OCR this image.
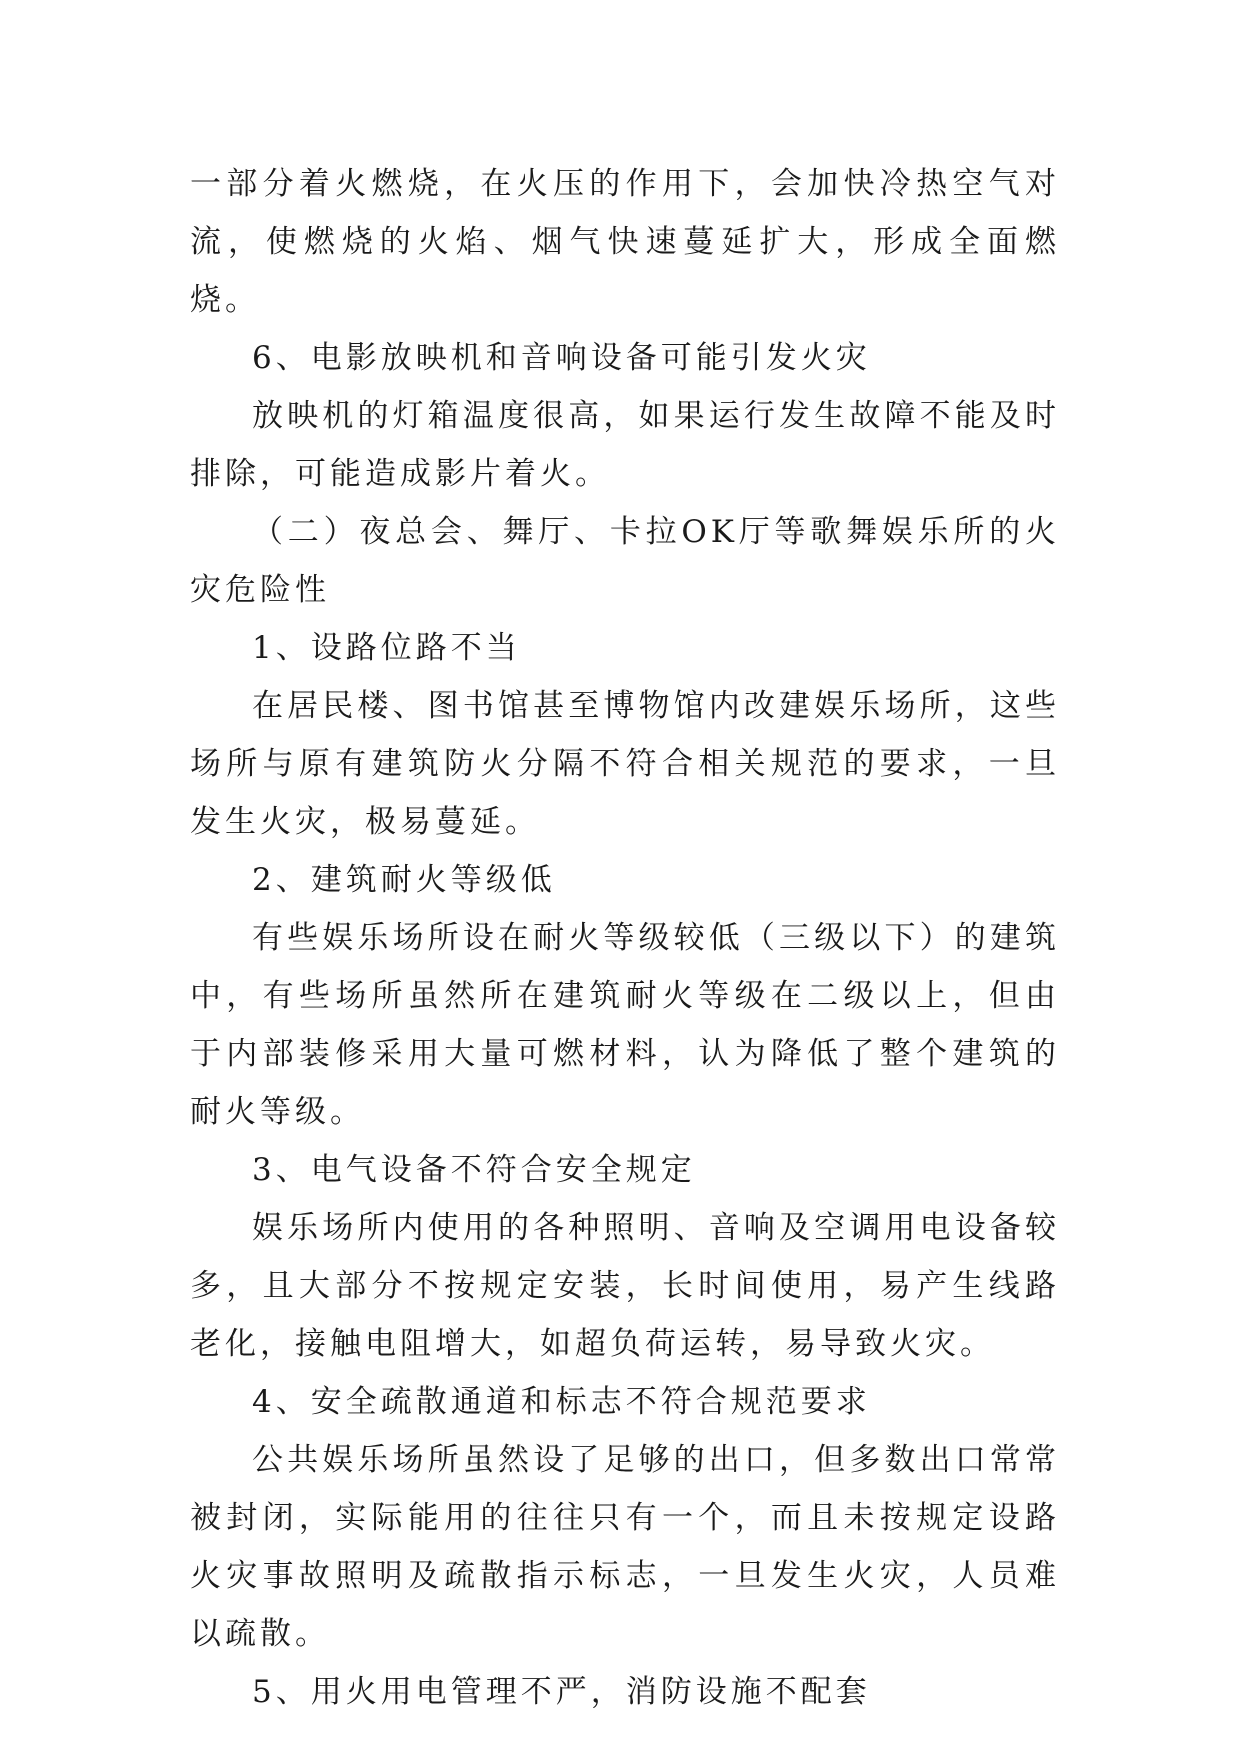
一部分着火燃烧，在火压的作用下，会加快冷热空气对流，使燃烧的火焰、烟气快速蔓延扩大，形成全面燃烧。

6、电影放映机和音响设备可能引发火灾

放映机的灯箱温度很高，如果运行发生故障不能及时排除，可能造成影片着火。

（二）夜总会、舞厅、卡拉OK厅等歌舞娱乐所的火灾危险性

1、设路位路不当

在居民楼、图书馆甚至博物馆内改建娱乐场所，这些场所与原有建筑防火分隔不符合相关规范的要求，一旦发生火灾，极易蔓延。

2、建筑耐火等级低

有些娱乐场所设在耐火等级较低（三级以下）的建筑中，有些场所虽然所在建筑耐火等级在二级以上，但由于内部装修采用大量可燃材料，认为降低了整个建筑的耐火等级。

3、电气设备不符合安全规定

娱乐场所内使用的各种照明、音响及空调用电设备较多，且大部分不按规定安装，长时间使用，易产生线路老化，接触电阻增大，如超负荷运转，易导致火灾。

4、安全疏散通道和标志不符合规范要求

公共娱乐场所虽然设了足够的出口，但多数出口常常被封闭，实际能用的往往只有一个，而且未按规定设路火灾事故照明及疏散指示标志，一旦发生火灾，人员难以疏散。

5、用火用电管理不严，消防设施不配套
